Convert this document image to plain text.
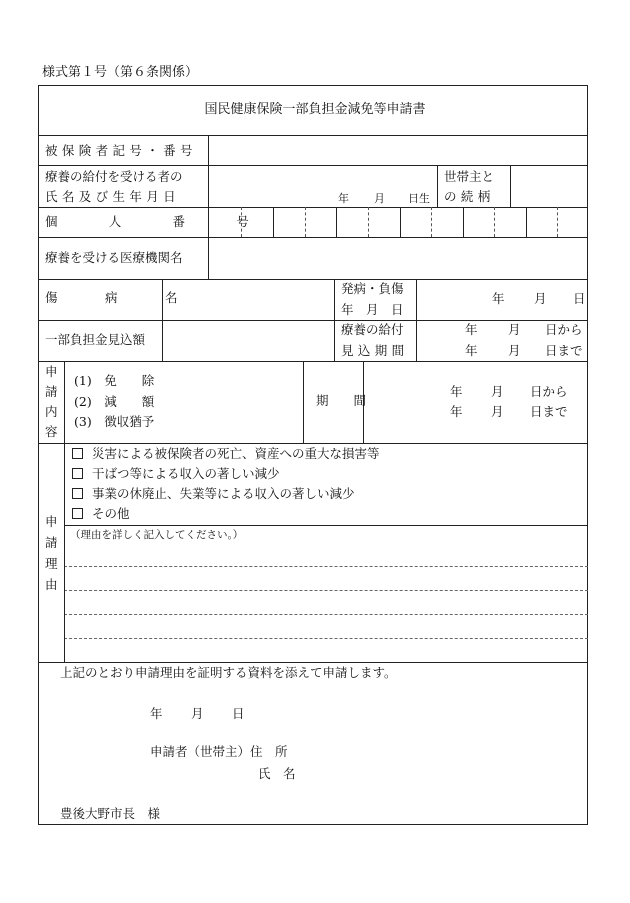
様式第１号（第６条関係）
国民健康保険一部負担金減免等申請書
被保険者記号・番号
療養の給付を受ける者の
氏名及び生年月日	年 月 日生
世帯主と
の続柄
個　人　番　号
療養を受ける医療機関名
傷　　病　　名
発病・負傷
年　月　日
年 月 日
一部負担金見込額
療養の給付
見込期間
年 月 日から
年 月 日まで
申
請
内
容
(1)　免　　除
(2)　減　　額
(3)　徴収猶予
期　間
年 月 日から
年 月 日まで
申
請
理
由
災害による被保険者の死亡、資産への重大な損害等
干ばつ等による収入の著しい減少
事業の休廃止、失業等による収入の著しい減少
その他
（理由を詳しく記入してください。）
上記のとおり申請理由を証明する資料を添えて申請します。
年 月 日
申請者（世帯主）住　所
氏　名
豊後大野市長　様
